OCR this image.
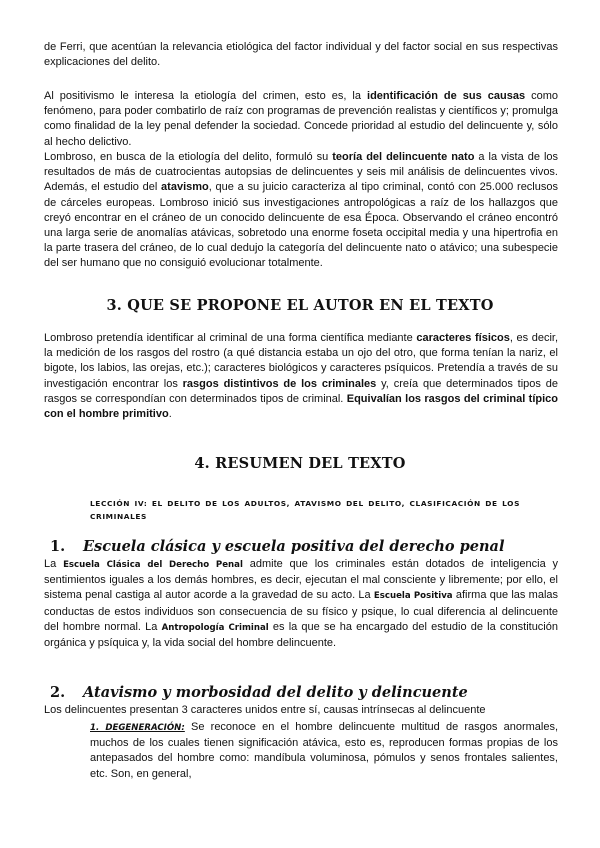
de Ferri, que acentúan la relevancia etiológica del factor individual y del factor social en sus respectivas explicaciones del delito.

Al positivismo le interesa la etiología del crimen, esto es, la identificación de sus causas como fenómeno, para poder combatirlo de raíz con programas de prevención realistas y científicos y; promulga como finalidad de la ley penal defender la sociedad. Concede prioridad al estudio del delincuente y, sólo al hecho delictivo.

Lombroso, en busca de la etiología del delito, formuló su teoría del delincuente nato a la vista de los resultados de más de cuatrocientas autopsias de delincuentes y seis mil análisis de delincuentes vivos. Además, el estudio del atavismo, que a su juicio caracteriza al tipo criminal, contó con 25.000 reclusos de cárceles europeas. Lombroso inició sus investigaciones antropológicas a raíz de los hallazgos que creyó encontrar en el cráneo de un conocido delincuente de esa Época. Observando el cráneo encontró una larga serie de anomalías atávicas, sobretodo una enorme foseta occipital media y una hipertrofia en la parte trasera del cráneo, de lo cual dedujo la categoría del delincuente nato o atávico; una subespecie del ser humano que no consiguió evolucionar totalmente.

3. QUE SE PROPONE EL AUTOR EN EL TEXTO

Lombroso pretendía identificar al criminal de una forma científica mediante caracteres físicos, es decir, la medición de los rasgos del rostro (a qué distancia estaba un ojo del otro, que forma tenían la nariz, el bigote, los labios, las orejas, etc.); caracteres biológicos y caracteres psíquicos. Pretendía a través de su investigación encontrar los rasgos distintivos de los criminales y, creía que determinados tipos de rasgos se correspondían con determinados tipos de criminal. Equivalían los rasgos del criminal típico con el hombre primitivo.

4. RESUMEN DEL TEXTO

LECCIÓN IV: EL DELITO DE LOS ADULTOS, ATAVISMO DEL DELITO, CLASIFICACIÓN DE LOS CRIMINALES

1. Escuela clásica y escuela positiva del derecho penal

La Escuela Clásica del Derecho Penal admite que los criminales están dotados de inteligencia y sentimientos iguales a los demás hombres, es decir, ejecutan el mal consciente y libremente; por ello, el sistema penal castiga al autor acorde a la gravedad de su acto. La Escuela Positiva afirma que las malas conductas de estos individuos son consecuencia de su físico y psique, lo cual diferencia al delincuente del hombre normal. La Antropología Criminal es la que se ha encargado del estudio de la constitución orgánica y psíquica y, la vida social del hombre delincuente.

2. Atavismo y morbosidad del delito y delincuente

Los delincuentes presentan 3 caracteres unidos entre sí, causas intrínsecas al delincuente

1. DEGENERACIÓN: Se reconoce en el hombre delincuente multitud de rasgos anormales, muchos de los cuales tienen significación atávica, esto es, reproducen formas propias de los antepasados del hombre como: mandíbula voluminosa, pómulos y senos frontales salientes, etc. Son, en general,
